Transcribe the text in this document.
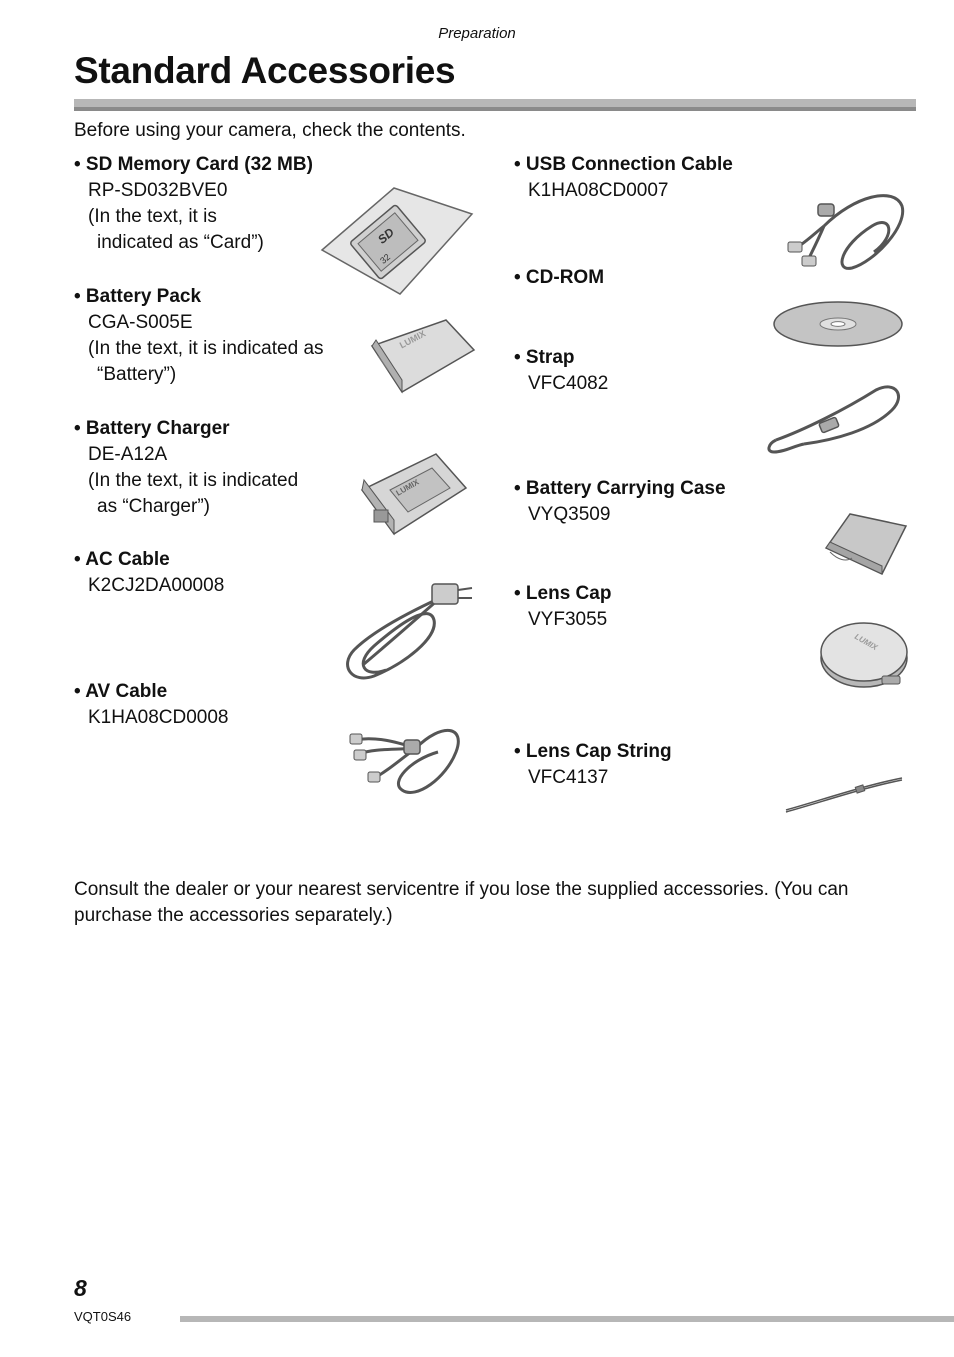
Preparation
Standard Accessories
Before using your camera, check the contents.
• SD Memory Card (32 MB)
RP-SD032BVE0
(In the text, it is
indicated as “Card”)
• Battery Pack
CGA-S005E
(In the text, it is indicated as
“Battery”)
• Battery Charger
DE-A12A
(In the text, it is indicated
as “Charger”)
• AC Cable
K2CJ2DA00008
• AV Cable
K1HA08CD0008
• USB Connection Cable
K1HA08CD0007
• CD-ROM
• Strap
VFC4082
• Battery Carrying Case
VYQ3509
• Lens Cap
VYF3055
• Lens Cap String
VFC4137
SD
32
LUMIX
LUMIX
LUMIX
Consult the dealer or your nearest servicentre if you lose the supplied accessories. (You can purchase the accessories separately.)
8
VQT0S46
